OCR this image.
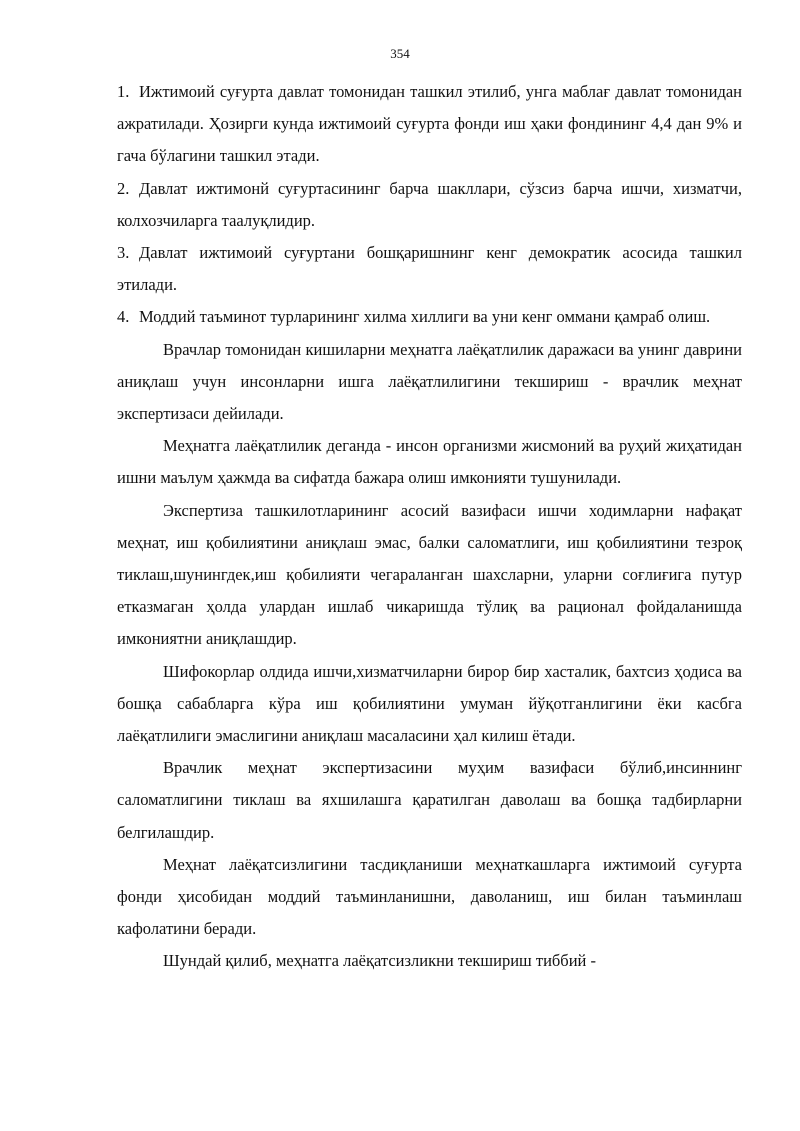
354

1. Ижтимоий суғурта давлат томонидан ташкил этилиб, унга маблағ давлат томонидан ажратилади. Ҳозирги кунда ижтимоий суғурта фонди иш ҳаки фондининг 4,4 дан 9% и гача бўлагини ташкил этади.

2. Давлат ижтимонй суғуртасининг барча шакллари, сўзсиз барча ишчи, хизматчи, колхозчиларга таалуқлидир.

3. Давлат ижтимоий суғуртани бошқаришнинг кенг демократик асосида ташкил этилади.

4. Моддий таъминот турларининг хилма хиллиги ва уни кенг оммани қамраб олиш.

Врачлар томонидан кишиларни меҳнатга лаёқатлилик даражаси ва унинг даврини аниқлаш учун инсонларни ишга лаёқатлилигини текшириш - врачлик меҳнат экспертизаси дейилади.

Меҳнатга лаёқатлилик деганда - инсон организми жисмоний ва руҳий жиҳатидан ишни маълум ҳажмда ва сифатда бажара олиш имконияти тушунилади.

Экспертиза ташкилотларининг асосий вазифаси ишчи ходимларни нафақат меҳнат, иш қобилиятини аниқлаш эмас, балки саломатлиги, иш қобилиятини тезроқ тиклаш,шунингдек,иш қобилияти чегараланган шахсларни, уларни соғлиғига путур етказмаган ҳолда улардан ишлаб чикаришда тўлиқ ва рационал фойдаланишда имкониятни аниқлашдир.

Шифокорлар олдида ишчи,хизматчиларни бирор бир хасталик, бахтсиз ҳодиса ва бошқа сабабларга кўра иш қобилиятини умуман йўқотганлигини ёки касбга лаёқатлилиги эмаслигини аниқлаш масаласини ҳал килиш ётади.

Врачлик меҳнат экспертизасини муҳим вазифаси бўлиб,инсиннинг саломатлигини тиклаш ва яхшилашга қаратилган даволаш ва бошқа тадбирларни белгилашдир.

Меҳнат лаёқатсизлигини тасдиқланиши меҳнаткашларга ижтимоий суғурта фонди ҳисобидан моддий таъминланишни, даволаниш, иш билан таъминлаш кафолатини беради.

Шундай қилиб, меҳнатга лаёқатсизликни текшириш тиббий -
